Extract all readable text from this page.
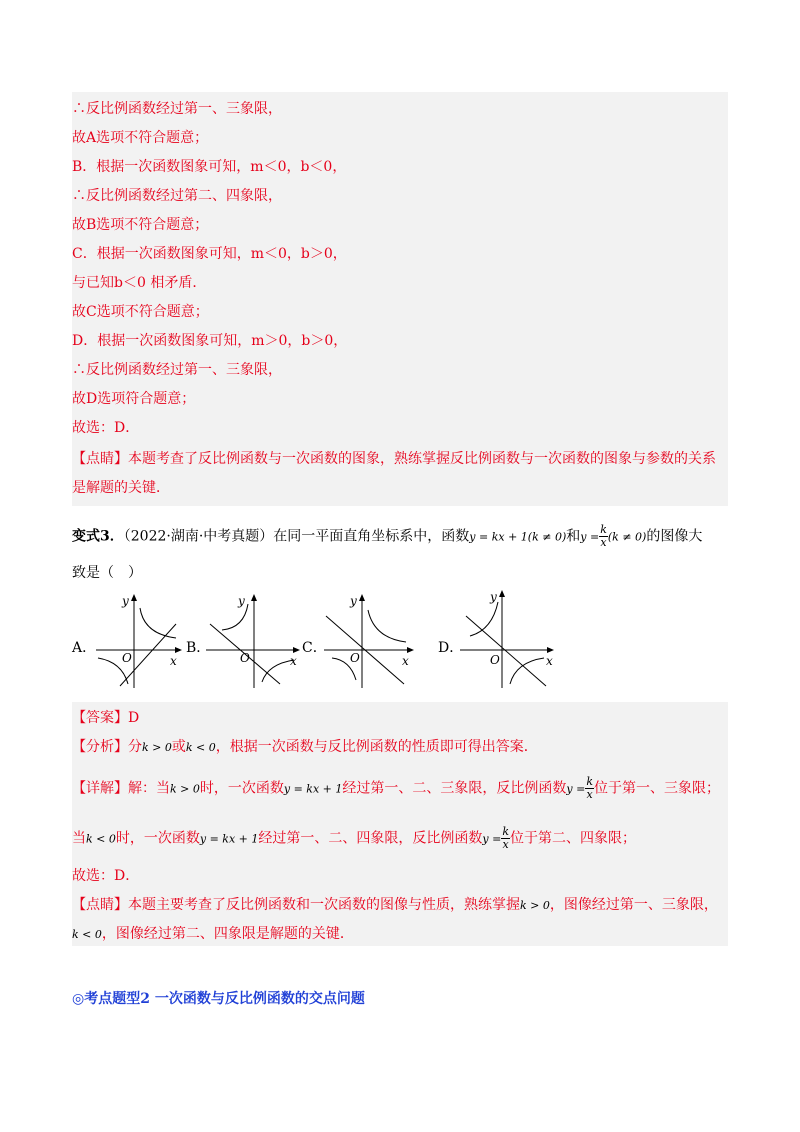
∴反比例函数经过第一、三象限，
故A选项不符合题意；
B．根据一次函数图象可知，m＜0，b＜0，
∴反比例函数经过第二、四象限，
故B选项不符合题意；
C．根据一次函数图象可知，m＜0，b＞0，
与已知b＜0 相矛盾．
故C选项不符合题意；
D．根据一次函数图象可知，m＞0，b＞0，
∴反比例函数经过第一、三象限，
故D选项符合题意；
故选：D．
【点睛】本题考查了反比例函数与一次函数的图象，熟练掌握反比例函数与一次函数的图象与参数的关系
是解题的关键．
变式3．（2022·湖南·中考真题）在同一平面直角坐标系中，函数y = kx + 1(k ≠ 0)和$y = \frac{k}{x} (k \ne 0)$的图像大
致是（　）
A．
y
x
O
B．
y
x
O
C．
y
x
O
D．
y
x
O
【答案】D
【分析】分k > 0或k < 0，根据一次函数与反比例函数的性质即可得出答案．
【详解】解：当k > 0时，一次函数y = kx + 1经过第一、二、三象限，反比例函数$y = \frac{k}{x}$ 位于第一、三象限；
当k < 0时，一次函数y = kx + 1经过第一、二、四象限，反比例函数$y = \frac{k}{x}$ 位于第二、四象限；
故选：D．
【点睛】本题主要考查了反比例函数和一次函数的图像与性质，熟练掌握k > 0，图像经过第一、三象限，
k < 0，图像经过第二、四象限是解题的关键．
◎考点题型2 一次函数与反比例函数的交点问题
